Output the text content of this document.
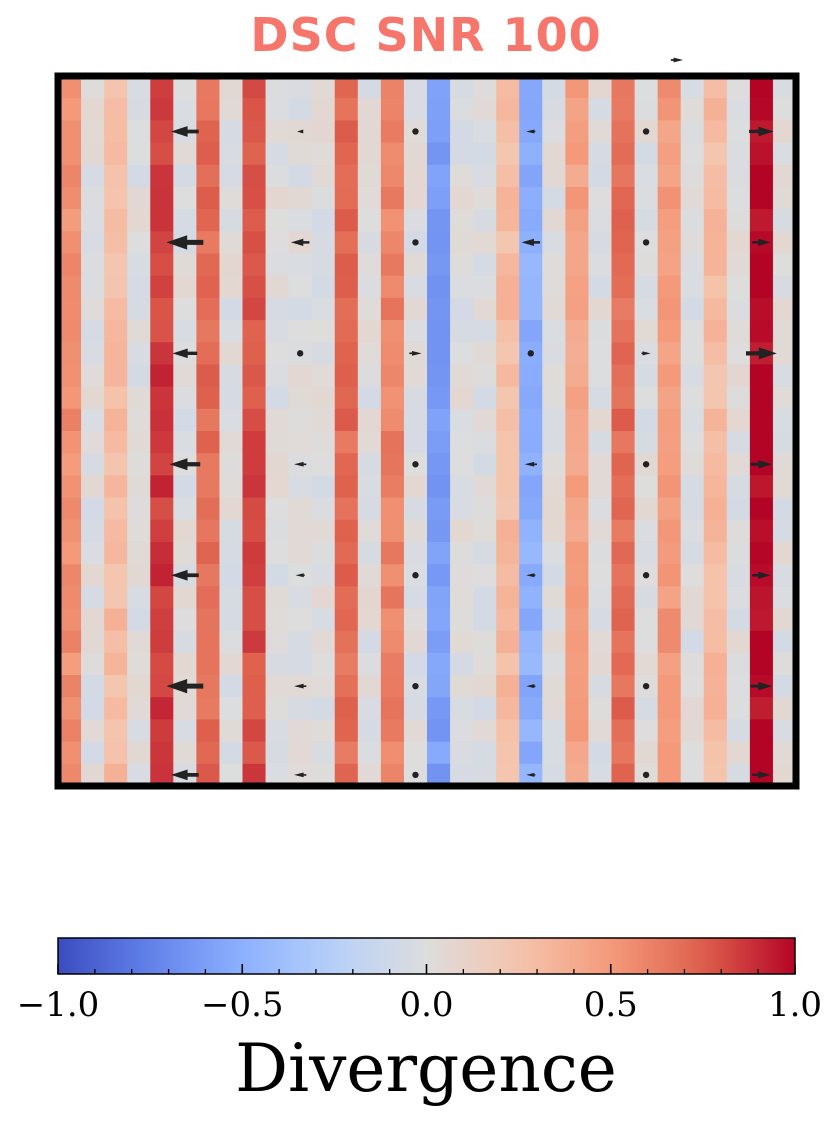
DSC SNR 100
−1.0	−0.5	0.0	0.5	1.0
Divergence
